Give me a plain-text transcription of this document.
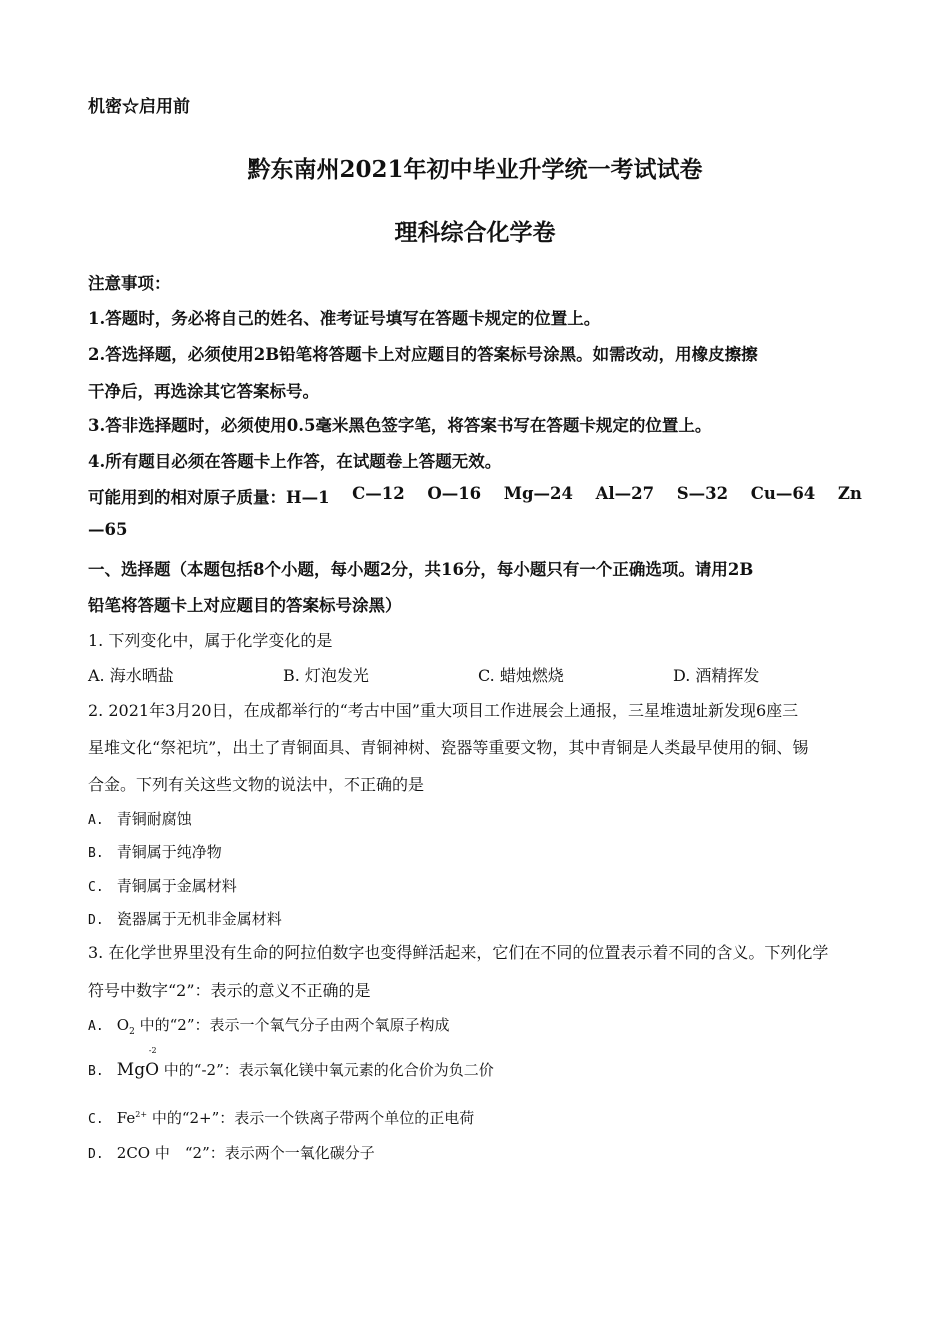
机密☆启用前
黔东南州2021年初中毕业升学统一考试试卷
理科综合化学卷
注意事项：
1.答题时，务必将自己的姓名、准考证号填写在答题卡规定的位置上。
2.答选择题，必须使用2B铅笔将答题卡上对应题目的答案标号涂黑。如需改动，用橡皮擦擦
干净后，再选涂其它答案标号。
3.答非选择题时，必须使用0.5毫米黑色签字笔，将答案书写在答题卡规定的位置上。
4.所有题目必须在答题卡上作答，在试题卷上答题无效。
可能用到的相对原子质量：H—1 C—12 O—16 Mg—24 Al—27 S—32 Cu—64 Zn
—65
一、选择题（本题包括8个小题，每小题2分，共16分，每小题只有一个正确选项。请用2B
铅笔将答题卡上对应题目的答案标号涂黑）
1. 下列变化中，属于化学变化的是
A. 海水晒盐	B. 灯泡发光	C. 蜡烛燃烧	D. 酒精挥发
2. 2021年3月20日，在成都举行的“考古中国”重大项目工作进展会上通报，三星堆遗址新发现6座三
星堆文化“祭祀坑”，出土了青铜面具、青铜神树、瓷器等重要文物，其中青铜是人类最早使用的铜、锡
合金。下列有关这些文物的说法中，不正确的是
A. 青铜耐腐蚀
B. 青铜属于纯净物
C. 青铜属于金属材料
D. 瓷器属于无机非金属材料
3. 在化学世界里没有生命的阿拉伯数字也变得鲜活起来，它们在不同的位置表示着不同的含义。下列化学
符号中数字“2”：表示的意义不正确的是
A. $O_2$ 中的“2”：表示一个氧气分子由两个氧原子构成
B. MgO
-2
中的“-2”：表示氧化镁中氧元素的化合价为负二价
C. $Fe^{2+}$ 中的“2+”：表示一个铁离子带两个单位的正电荷
D. 2CO 中　“2”：表示两个一氧化碳分子
